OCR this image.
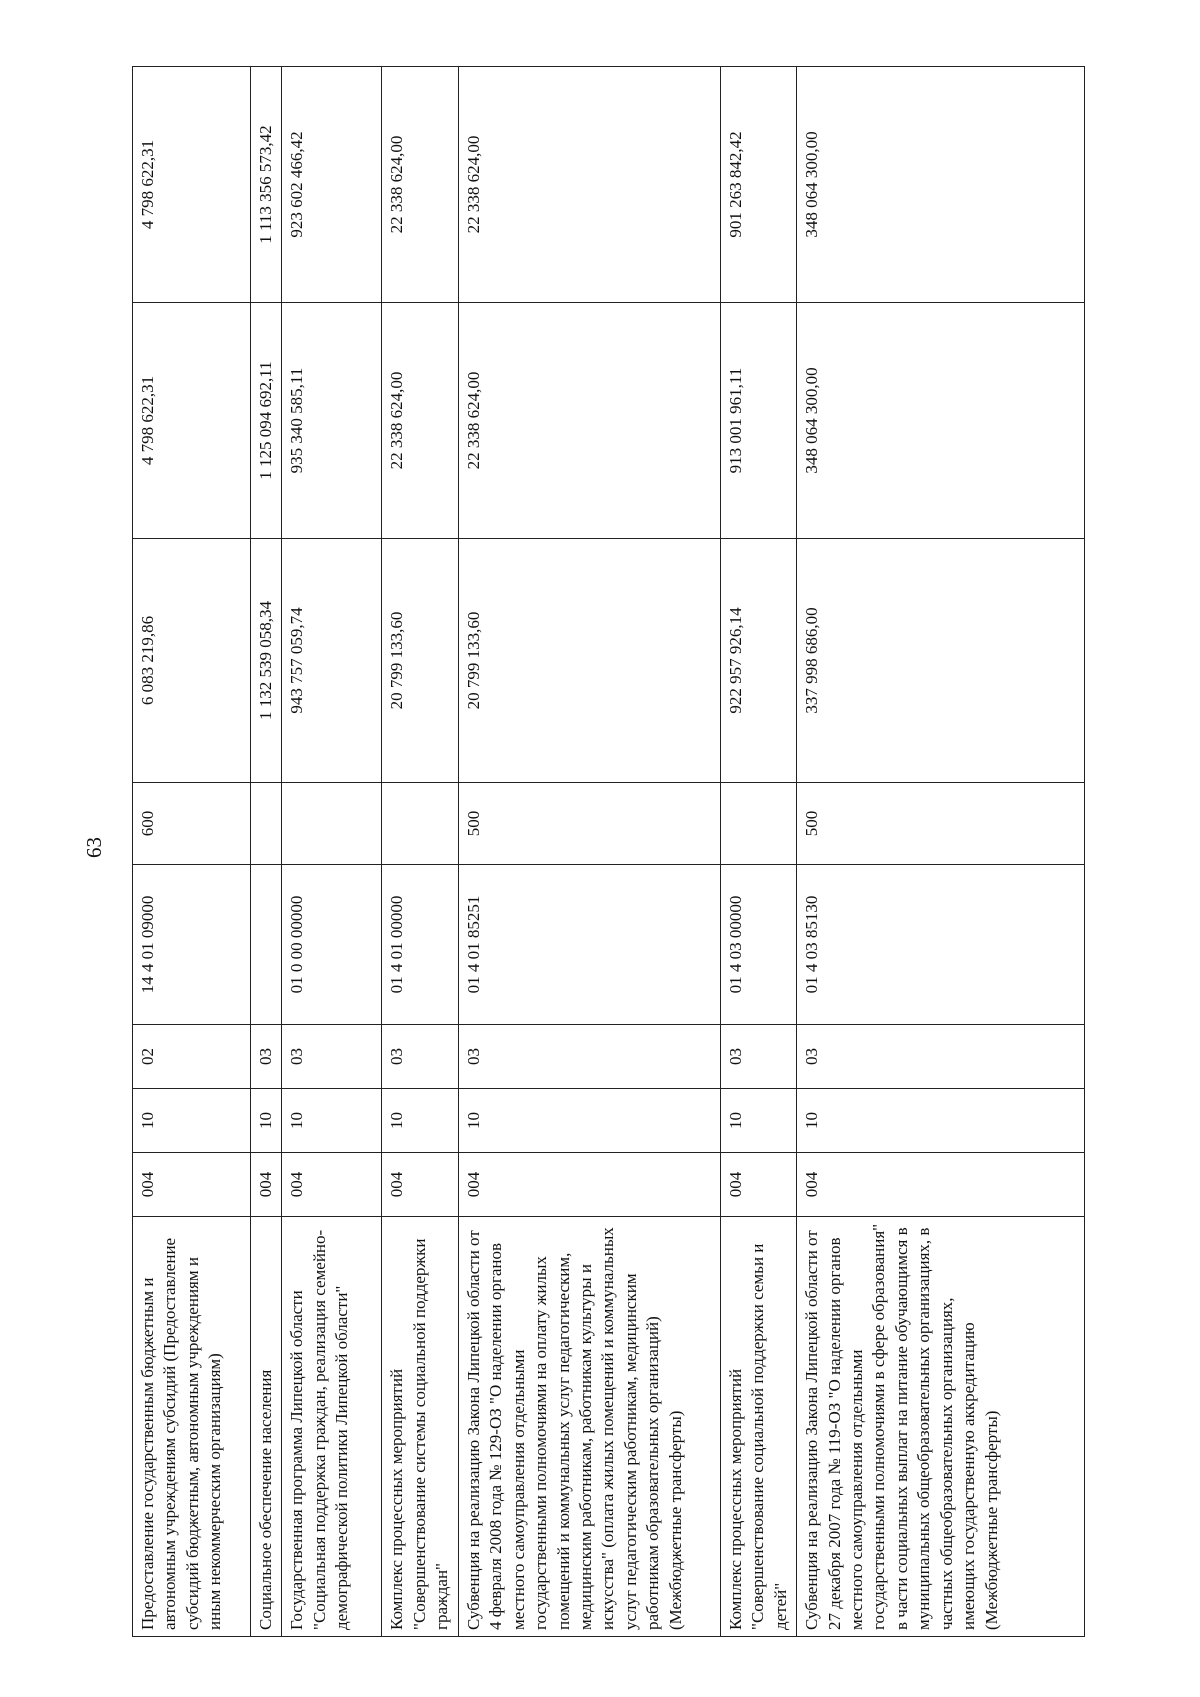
63
Предоставление государственным бюджетным и автономным учреждениям субсидий (Предоставление субсидий бюджетным, автономным учреждениям и иным некоммерческим организациям)	004	10	02	14 4 01 09000	600	6 083 219,86	4 798 622,31	4 798 622,31
Социальное обеспечение населения	004	10	03			1 132 539 058,34	1 125 094 692,11	1 113 356 573,42
Государственная программа Липецкой области "Социальная поддержка граждан, реализация семейно-демографической политики Липецкой области"	004	10	03	01 0 00 00000		943 757 059,74	935 340 585,11	923 602 466,42
Комплекс процессных мероприятий "Совершенствование системы социальной поддержки граждан"	004	10	03	01 4 01 00000		20 799 133,60	22 338 624,00	22 338 624,00
Субвенция на реализацию Закона Липецкой области от 4 февраля 2008 года № 129-ОЗ "О наделении органов местного самоуправления отдельными государственными полномочиями на оплату жилых помещений и коммунальных услуг педагогическим, медицинским работникам, работникам культуры и искусства" (оплата жилых помещений и коммунальных услуг педагогическим работникам, медицинским работникам образовательных организаций) (Межбюджетные трансферты)	004	10	03	01 4 01 85251	500	20 799 133,60	22 338 624,00	22 338 624,00
Комплекс процессных мероприятий "Совершенствование социальной поддержки семьи и детей"	004	10	03	01 4 03 00000		922 957 926,14	913 001 961,11	901 263 842,42
Субвенция на реализацию Закона Липецкой области от 27 декабря 2007 года № 119-ОЗ "О наделении органов местного самоуправления отдельными государственными полномочиями в сфере образования" в части социальных выплат на питание обучающимся в муниципальных общеобразовательных организациях, в частных общеобразовательных организациях, имеющих государственную аккредитацию (Межбюджетные трансферты)	004	10	03	01 4 03 85130	500	337 998 686,00	348 064 300,00	348 064 300,00
